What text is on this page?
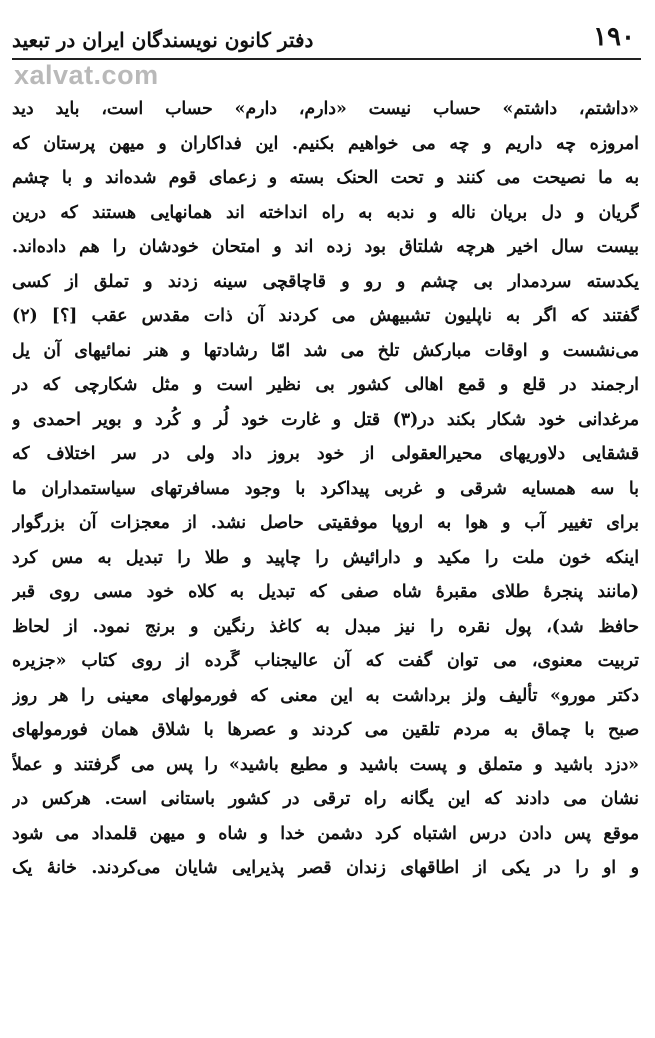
۱۹۰
دفتر کانون نویسندگان ایران در تبعید
xalvat.com
«داشتم، داشتم» حساب نیست «دارم، دارم» حساب است، باید دید
امروزه چه داریم و چه می خواهیم بکنیم. این فداکاران و میهن پرستان که
به ما نصیحت می کنند و تحت الحنک بسته و زعمای قوم شده‌اند و با چشم
گریان و دل بریان ناله و ندبه به راه انداخته اند همانهایی هستند که درین
بیست سال اخیر هرچه شلتاق بود زده اند و امتحان خودشان را هم داده‌اند.
یکدسته سردمدار بی چشم و رو و قاچاقچی سینه زدند و تملق از کسی
گفتند که اگر به ناپلیون تشبیهش می کردند آن ذات مقدس عقب [؟] (۲)
می‌نشست و اوقات مبارکش تلخ می شد امّا رشادتها و هنر نمائیهای آن یل
ارجمند در قلع و قمع اهالی کشور بی نظیر است و مثل شکارچی که در
مرغدانی خود شکار بکند در(۳) قتل و غارت خود لُر و کُرد و بویر احمدی و
قشقایی دلاوریهای محیرالعقولی از خود بروز داد ولی در سر اختلاف که
با سه همسایه شرقی و غربی پیداکرد با وجود مسافرتهای سیاستمداران ما
برای تغییر آب و هوا به اروپا موفقیتی حاصل نشد. از معجزات آن بزرگوار
اینکه خون ملت را مکید و دارائیش را چاپید و طلا را تبدیل به مس کرد
(مانند پنجرهٔ طلای مقبرهٔ شاه صفی که تبدیل به کلاه خود مسی روی قبر
حافظ شد)، پول نقره را نیز مبدل به کاغذ رنگین و برنج نمود. از لحاظ
تربیت معنوی، می توان گفت که آن عالیجناب گَرده از روی کتاب «جزیره
دکتر مورو» تألیف ولز برداشت به این معنی که فورمولهای معینی را هر روز
صبح با چماق به مردم تلقین می کردند و عصرها با شلاق همان فورمولهای
«دزد باشید و متملق و پست باشید و مطیع باشید» را پس می گرفتند و عملاً
نشان می دادند که این یگانه راه ترقی در کشور باستانی است. هرکس در
موقع پس دادن درس اشتباه کرد دشمن خدا و شاه و میهن قلمداد می شود
و او را در یکی از اطاقهای زندان قصر پذیرایی شایان می‌کردند. خانهٔ یک
